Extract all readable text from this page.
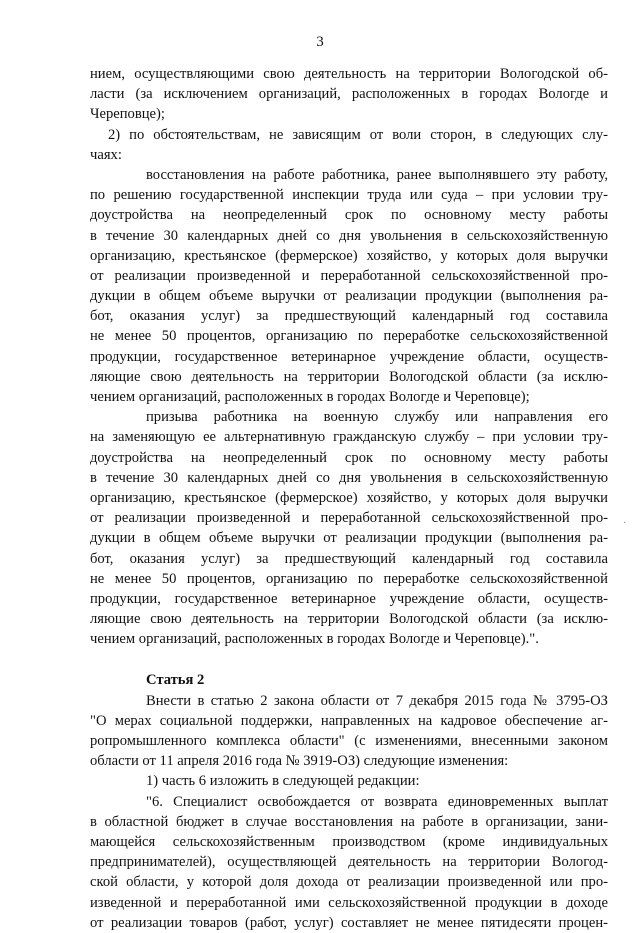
3
нием, осуществляющими свою деятельность на территории Вологодской об-
ласти (за исключением организаций, расположенных в городах Вологде и
Череповце);
2) по обстоятельствам, не зависящим от воли сторон, в следующих слу-
чаях:
восстановления на работе работника, ранее выполнявшего эту работу,
по решению государственной инспекции труда или суда – при условии тру-
доустройства на неопределенный срок по основному месту работы
в течение 30 календарных дней со дня увольнения в сельскохозяйственную
организацию, крестьянское (фермерское) хозяйство, у которых доля выручки
от реализации произведенной и переработанной сельскохозяйственной про-
дукции в общем объеме выручки от реализации продукции (выполнения ра-
бот, оказания услуг) за предшествующий календарный год составила
не менее 50 процентов, организацию по переработке сельскохозяйственной
продукции, государственное ветеринарное учреждение области, осуществ-
ляющие свою деятельность на территории Вологодской области (за исклю-
чением организаций, расположенных в городах Вологде и Череповце);
призыва работника на военную службу или направления его
на заменяющую ее альтернативную гражданскую службу – при условии тру-
доустройства на неопределенный срок по основному месту работы
в течение 30 календарных дней со дня увольнения в сельскохозяйственную
организацию, крестьянское (фермерское) хозяйство, у которых доля выручки
от реализации произведенной и переработанной сельскохозяйственной про-
дукции в общем объеме выручки от реализации продукции (выполнения ра-
бот, оказания услуг) за предшествующий календарный год составила
не менее 50 процентов, организацию по переработке сельскохозяйственной
продукции, государственное ветеринарное учреждение области, осуществ-
ляющие свою деятельность на территории Вологодской области (за исклю-
чением организаций, расположенных в городах Вологде и Череповце).".
Статья 2
Внести в статью 2 закона области от 7 декабря 2015 года № 3795-ОЗ
"О мерах социальной поддержки, направленных на кадровое обеспечение аг-
ропромышленного комплекса области" (с изменениями, внесенными законом
области от 11 апреля 2016 года № 3919-ОЗ) следующие изменения:
1) часть 6 изложить в следующей редакции:
"6. Специалист освобождается от возврата единовременных выплат
в областной бюджет в случае восстановления на работе в организации, зани-
мающейся сельскохозяйственным производством (кроме индивидуальных
предпринимателей), осуществляющей деятельность на территории Вологод-
ской области, у которой доля дохода от реализации произведенной или про-
изведенной и переработанной ими сельскохозяйственной продукции в доходе
от реализации товаров (работ, услуг) составляет не менее пятидесяти процен-
·
